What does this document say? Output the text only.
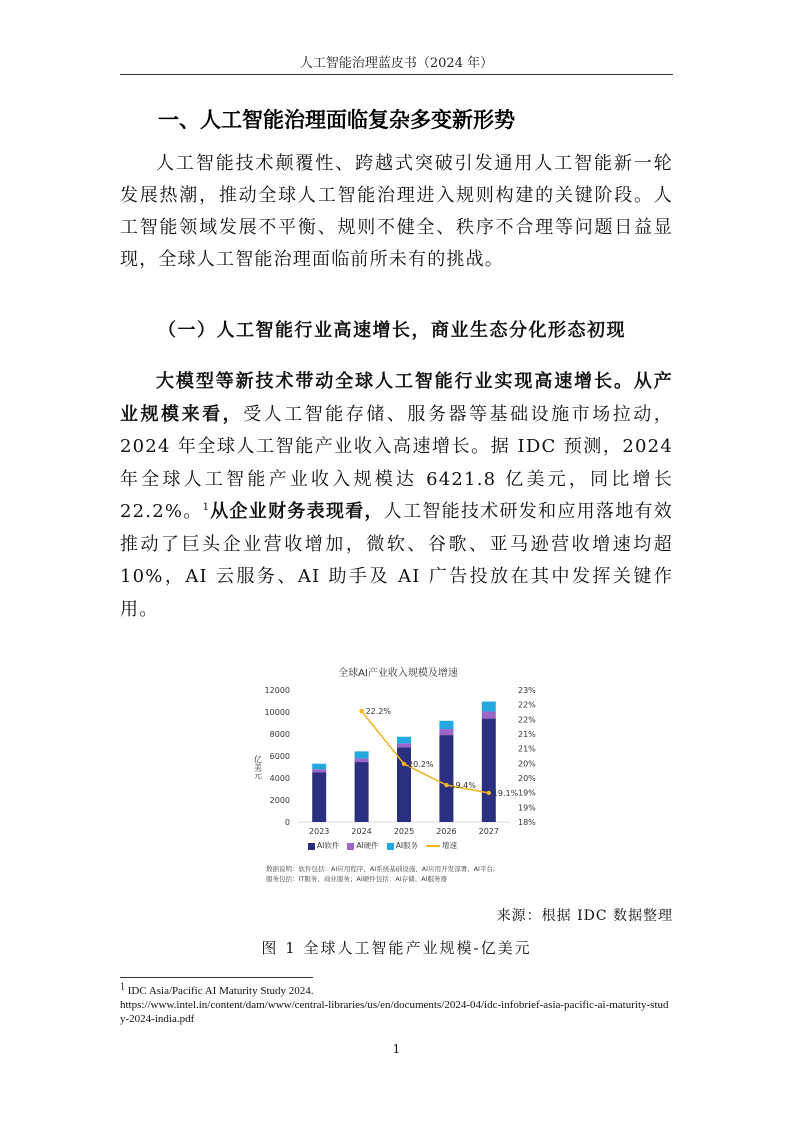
人工智能治理蓝皮书（2024 年）
一、人工智能治理面临复杂多变新形势

人工智能技术颠覆性、跨越式突破引发通用人工智能新一轮发展热潮，推动全球人工智能治理进入规则构建的关键阶段。人工智能领域发展不平衡、规则不健全、秩序不合理等问题日益显现，全球人工智能治理面临前所未有的挑战。

（一）人工智能行业高速增长，商业生态分化形态初现

大模型等新技术带动全球人工智能行业实现高速增长。从产业规模来看，受人工智能存储、服务器等基础设施市场拉动，2024 年全球人工智能产业收入高速增长。据 IDC 预测，2024 年全球人工智能产业收入规模达 6421.8 亿美元，同比增长 22.2%。$^1$从企业财务表现看，人工智能技术研发和应用落地有效推动了巨头企业营收增加，微软、谷歌、亚马逊营收增速均超 10%，AI 云服务、AI 助手及 AI 广告投放在其中发挥关键作用。

全球AI产业收入规模及增速
0
2000
4000
6000
8000
10000
12000
18%
19%
19%
20%
20%
21%
21%
22%
22%
23%
亿美元
2023	2024	2025	2026	2027
22.2%
20.2%
19.4%
19.1%
AI软件	AI硬件	AI服务	增速
数据说明：软件包括：AI应用程序、AI系统基础设施、AI应用开发部署、AI平台;
服务包括：IT服务、商业服务；AI硬件包括：AI存储、AI服务器
来源：根据 IDC 数据整理
图 1 全球人工智能产业规模-亿美元
$^1$ IDC Asia/Pacific AI Maturity Study 2024.
https://www.intel.in/content/dam/www/central-libraries/us/en/documents/2024-04/idc-infobrief-asia-pacific-ai-maturity-study-2024-india.pdf
1
